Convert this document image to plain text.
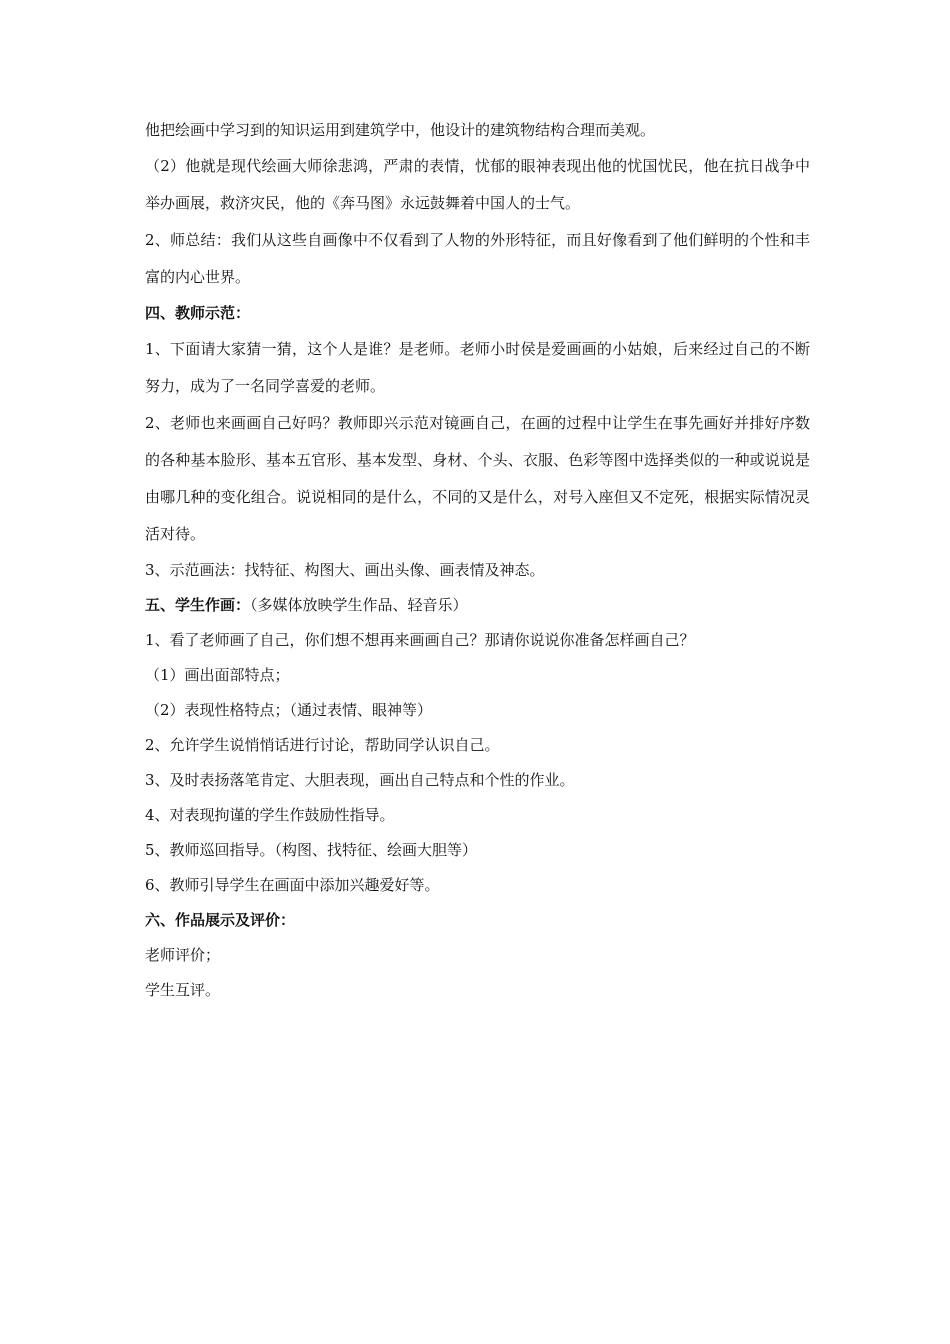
他把绘画中学习到的知识运用到建筑学中，他设计的建筑物结构合理而美观。

（2）他就是现代绘画大师徐悲鸿，严肃的表情，忧郁的眼神表现出他的忧国忧民，他在抗日战争中举办画展，救济灾民，他的《奔马图》永远鼓舞着中国人的士气。

2、师总结：我们从这些自画像中不仅看到了人物的外形特征，而且好像看到了他们鲜明的个性和丰富的内心世界。

四、教师示范：

1、下面请大家猜一猜，这个人是谁？是老师。老师小时侯是爱画画的小姑娘，后来经过自己的不断努力，成为了一名同学喜爱的老师。

2、老师也来画画自己好吗？教师即兴示范对镜画自己，在画的过程中让学生在事先画好并排好序数的各种基本脸形、基本五官形、基本发型、身材、个头、衣服、色彩等图中选择类似的一种或说说是由哪几种的变化组合。说说相同的是什么，不同的又是什么，对号入座但又不定死，根据实际情况灵活对待。

3、示范画法：找特征、构图大、画出头像、画表情及神态。

五、学生作画：（多媒体放映学生作品、轻音乐）

1、看了老师画了自己，你们想不想再来画画自己？那请你说说你准备怎样画自己？

（1）画出面部特点；

（2）表现性格特点；（通过表情、眼神等）

2、允许学生说悄悄话进行讨论，帮助同学认识自己。

3、及时表扬落笔肯定、大胆表现，画出自己特点和个性的作业。

4、对表现拘谨的学生作鼓励性指导。

5、教师巡回指导。（构图、找特征、绘画大胆等）

6、教师引导学生在画面中添加兴趣爱好等。

六、作品展示及评价：

老师评价；

学生互评。
